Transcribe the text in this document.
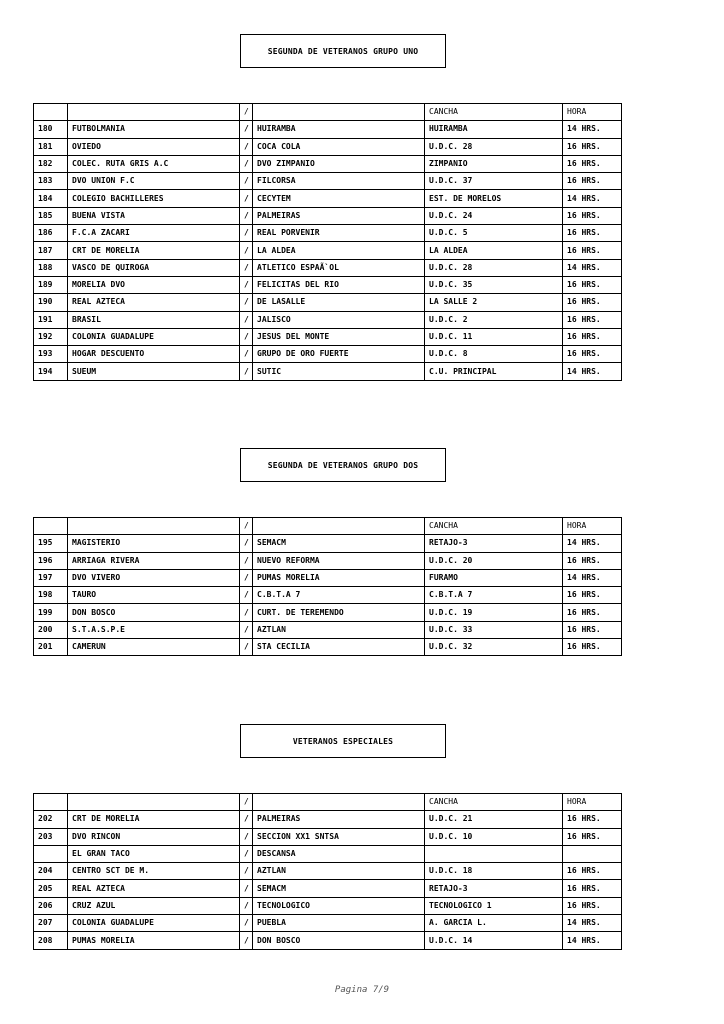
SEGUNDA DE VETERANOS GRUPO UNO
		/		CANCHA	HORA
180	FUTBOLMANIA	/	HUIRAMBA	HUIRAMBA	14 HRS.
181	OVIEDO	/	COCA COLA	U.D.C. 28	16 HRS.
182	COLEC. RUTA GRIS A.C	/	DVO ZIMPANIO	ZIMPANIO	16 HRS.
183	DVO UNION F.C	/	FILCORSA	U.D.C. 37	16 HRS.
184	COLEGIO BACHILLERES	/	CECYTEM	EST. DE MORELOS	14 HRS.
185	BUENA VISTA	/	PALMEIRAS	U.D.C. 24	16 HRS.
186	F.C.A ZACARI	/	REAL PORVENIR	U.D.C. 5	16 HRS.
187	CRT DE MORELIA	/	LA ALDEA	LA ALDEA	16 HRS.
188	VASCO DE QUIROGA	/	ATLETICO ESPAÃ`OL	U.D.C. 28	14 HRS.
189	MORELIA DVO	/	FELICITAS DEL RIO	U.D.C. 35	16 HRS.
190	REAL AZTECA	/	DE LASALLE	LA SALLE 2	16 HRS.
191	BRASIL	/	JALISCO	U.D.C. 2	16 HRS.
192	COLONIA GUADALUPE	/	JESUS DEL MONTE	U.D.C. 11	16 HRS.
193	HOGAR DESCUENTO	/	GRUPO DE ORO FUERTE	U.D.C. 8	16 HRS.
194	SUEUM	/	SUTIC	C.U. PRINCIPAL	14 HRS.
SEGUNDA DE VETERANOS GRUPO DOS
		/		CANCHA	HORA
195	MAGISTERIO	/	SEMACM	RETAJO-3	14 HRS.
196	ARRIAGA RIVERA	/	NUEVO REFORMA	U.D.C. 20	16 HRS.
197	DVO VIVERO	/	PUMAS MORELIA	FURAMO	14 HRS.
198	TAURO	/	C.B.T.A 7	C.B.T.A 7	16 HRS.
199	DON BOSCO	/	CURT. DE TEREMENDO	U.D.C. 19	16 HRS.
200	S.T.A.S.P.E	/	AZTLAN	U.D.C. 33	16 HRS.
201	CAMERUN	/	STA CECILIA	U.D.C. 32	16 HRS.
VETERANOS ESPECIALES
		/		CANCHA	HORA
202	CRT DE MORELIA	/	PALMEIRAS	U.D.C. 21	16 HRS.
203	DVO RINCON	/	SECCION XX1 SNTSA	U.D.C. 10	16 HRS.
	EL GRAN TACO	/	DESCANSA		
204	CENTRO SCT DE M.	/	AZTLAN	U.D.C. 18	16 HRS.
205	REAL AZTECA	/	SEMACM	RETAJO-3	16 HRS.
206	CRUZ AZUL	/	TECNOLOGICO	TECNOLOGICO 1	16 HRS.
207	COLONIA GUADALUPE	/	PUEBLA	A. GARCIA L.	14 HRS.
208	PUMAS MORELIA	/	DON BOSCO	U.D.C. 14	14 HRS.
Pagina 7/9
